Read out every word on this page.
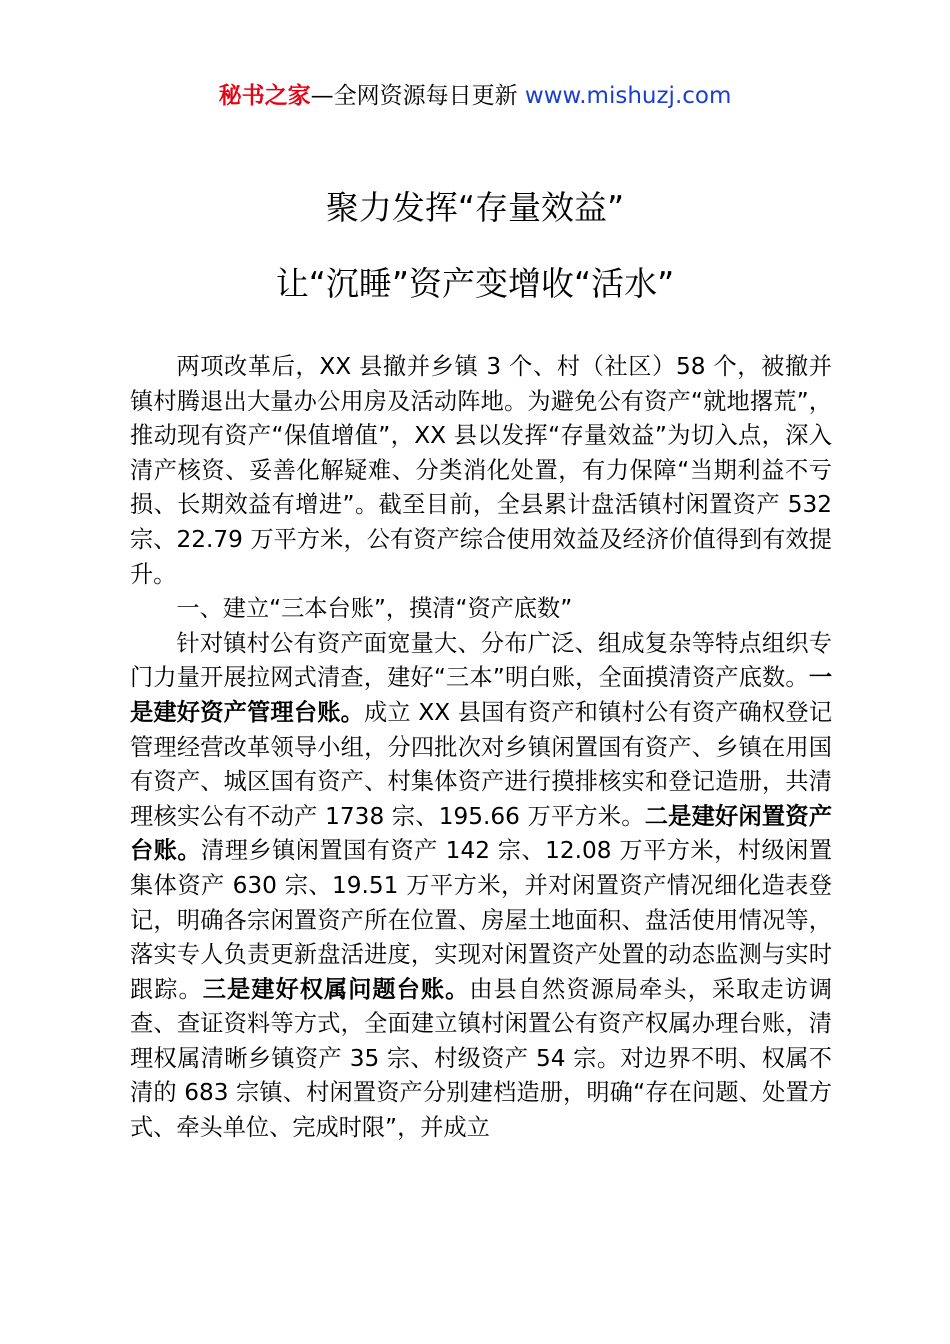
秘书之家—全网资源每日更新 www.mishuzj.com
聚力发挥“存量效益”
让“沉睡”资产变增收“活水”

两项改革后，XX 县撤并乡镇 3 个、村（社区）58 个，被撤并镇村腾退出大量办公用房及活动阵地。为避免公有资产“就地撂荒”，推动现有资产“保值增值”，XX 县以发挥“存量效益”为切入点，深入清产核资、妥善化解疑难、分类消化处置，有力保障“当期利益不亏损、长期效益有增进”。截至目前，全县累计盘活镇村闲置资产 532 宗、22.79 万平方米，公有资产综合使用效益及经济价值得到有效提升。

一、建立“三本台账”，摸清“资产底数”

针对镇村公有资产面宽量大、分布广泛、组成复杂等特点组织专门力量开展拉网式清查，建好“三本”明白账，全面摸清资产底数。一是建好资产管理台账。成立 XX 县国有资产和镇村公有资产确权登记管理经营改革领导小组，分四批次对乡镇闲置国有资产、乡镇在用国有资产、城区国有资产、村集体资产进行摸排核实和登记造册，共清理核实公有不动产 1738 宗、195.66 万平方米。二是建好闲置资产台账。清理乡镇闲置国有资产 142 宗、12.08 万平方米，村级闲置集体资产 630 宗、19.51 万平方米，并对闲置资产情况细化造表登记，明确各宗闲置资产所在位置、房屋土地面积、盘活使用情况等，落实专人负责更新盘活进度，实现对闲置资产处置的动态监测与实时跟踪。三是建好权属问题台账。由县自然资源局牵头，采取走访调查、查证资料等方式，全面建立镇村闲置公有资产权属办理台账，清理权属清晰乡镇资产 35 宗、村级资产 54 宗。对边界不明、权属不清的 683 宗镇、村闲置资产分别建档造册，明确“存在问题、处置方式、牵头单位、完成时限”，并成立
